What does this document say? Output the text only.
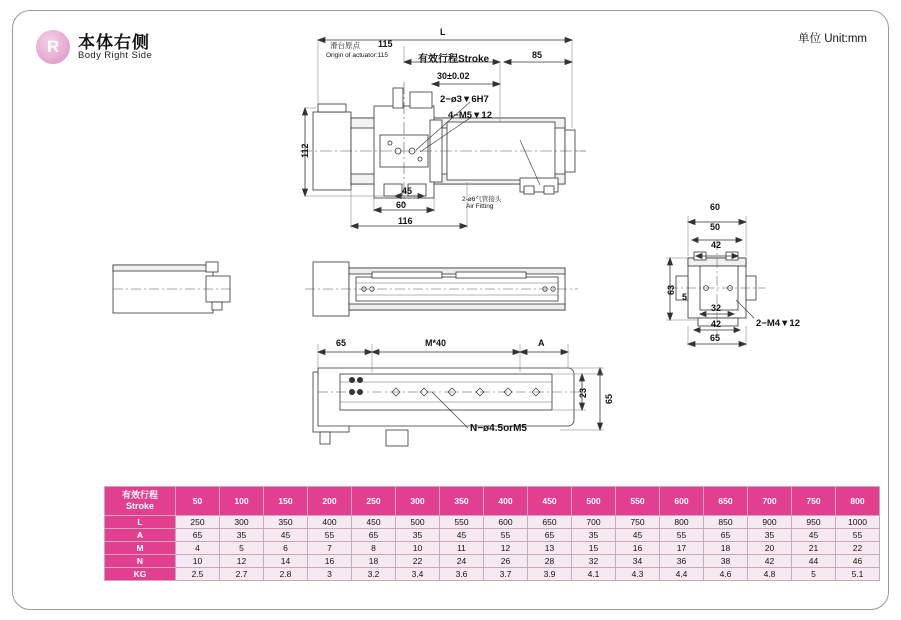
R 本体右侧
Body Right Side
单位 Unit:mm
L
滑台原点 115
Origin of actuator:115	有效行程Stroke	85
30±0.02
2−ø3▼6H7
4−M5▼12
112
45
60
116
2-ø6气管接头
Air Fitting	60
50
42
63
5
32
42
65
2−M4▼12
65	M*40	A
23
65
N−ø4.5orM5
有效行程
Stroke	50	100	150	200	250	300	350	400	450	500	550	600	650	700	750	800
L	250	300	350	400	450	500	550	600	650	700	750	800	850	900	950	1000
A	65	35	45	55	65	35	45	55	65	35	45	55	65	35	45	55
M	4	5	6	7	8	10	11	12	13	15	16	17	18	20	21	22
N	10	12	14	16	18	22	24	26	28	32	34	36	38	42	44	46
KG	2.5	2.7	2.8	3	3.2	3.4	3.6	3.7	3.9	4.1	4.3	4.4	4.6	4.8	5	5.1
